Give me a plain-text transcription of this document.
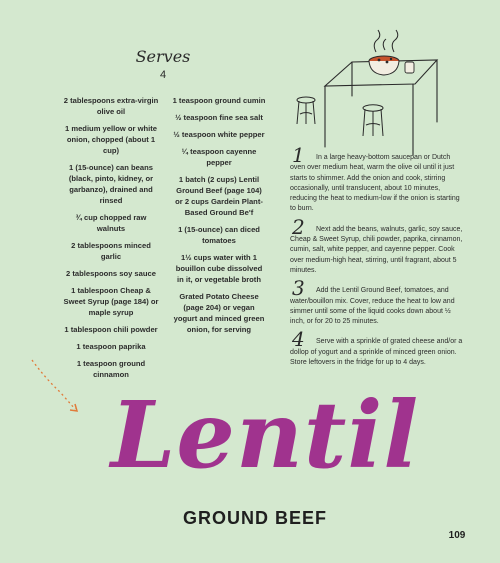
Serves
4
2 tablespoons extra-virgin olive oil
1 medium yellow or white onion, chopped (about 1 cup)
1 (15-ounce) can beans (black, pinto, kidney, or garbanzo), drained and rinsed
¾ cup chopped raw walnuts
2 tablespoons minced garlic
2 tablespoons soy sauce
1 tablespoon Cheap & Sweet Syrup (page 184) or maple syrup
1 tablespoon chili powder
1 teaspoon paprika
1 teaspoon ground cinnamon
1 teaspoon ground cumin
½ teaspoon fine sea salt
½ teaspoon white pepper
¼ teaspoon cayenne pepper
1 batch (2 cups) Lentil Ground Beef (page 104) or 2 cups Gardein Plant-Based Ground Be'f
1 (15-ounce) can diced tomatoes
1½ cups water with 1 bouillon cube dissolved in it, or vegetable broth
Grated Potato Cheese (page 204) or vegan yogurt and minced green onion, for serving
1 In a large heavy-bottom saucepan or Dutch oven over medium heat, warm the olive oil until it just starts to shimmer. Add the onion and cook, stirring occasionally, until translucent, about 10 minutes, reducing the heat to medium-low if the onion is starting to burn.
2 Next add the beans, walnuts, garlic, soy sauce, Cheap & Sweet Syrup, chili powder, paprika, cinnamon, cumin, salt, white pepper, and cayenne pepper. Cook over medium-high heat, stirring, until fragrant, about 5 minutes.
3 Add the Lentil Ground Beef, tomatoes, and water/bouillon mix. Cover, reduce the heat to low and simmer until some of the liquid cooks down about ½ inch, or for 20 to 25 minutes.
4 Serve with a sprinkle of grated cheese and/or a dollop of yogurt and a sprinkle of minced green onion. Store leftovers in the fridge for up to 4 days.
Lentil
GROUND BEEF
109
